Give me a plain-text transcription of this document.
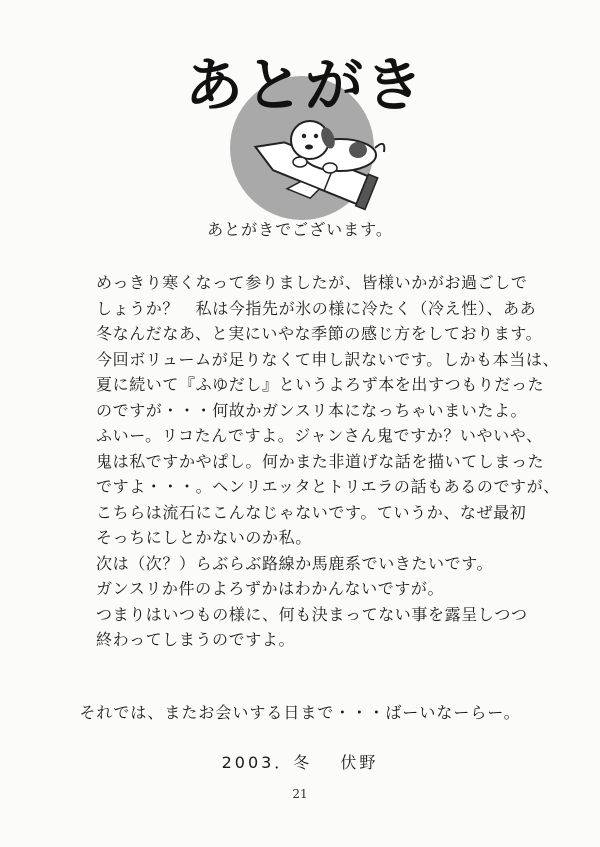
あとがき
あとがきでございます。
めっきり寒くなって参りましたが、皆様いかがお過ごしで
しょうか？　私は今指先が氷の様に冷たく（冷え性）、ああ
冬なんだなあ、と実にいやな季節の感じ方をしております。
今回ボリュームが足りなくて申し訳ないです。しかも本当は、
夏に続いて『ふゆだし』というよろず本を出すつもりだった
のですが・・・何故かガンスリ本になっちゃいまいたよ。
ふいー。リコたんですよ。ジャンさん鬼ですか？いやいや、
鬼は私ですかやぱし。何かまた非道げな話を描いてしまった
ですよ・・・。ヘンリエッタとトリエラの話もあるのですが、
こちらは流石にこんなじゃないです。ていうか、なぜ最初
そっちにしとかないのか私。
次は（次？）らぶらぶ路線か馬鹿系でいきたいです。
ガンスリか件のよろずかはわかんないですが。
つまりはいつもの様に、何も決まってない事を露呈しつつ
終わってしまうのですよ。
それでは、またお会いする日まで・・・ばーいなーらー。
2003．冬 伏野
21
